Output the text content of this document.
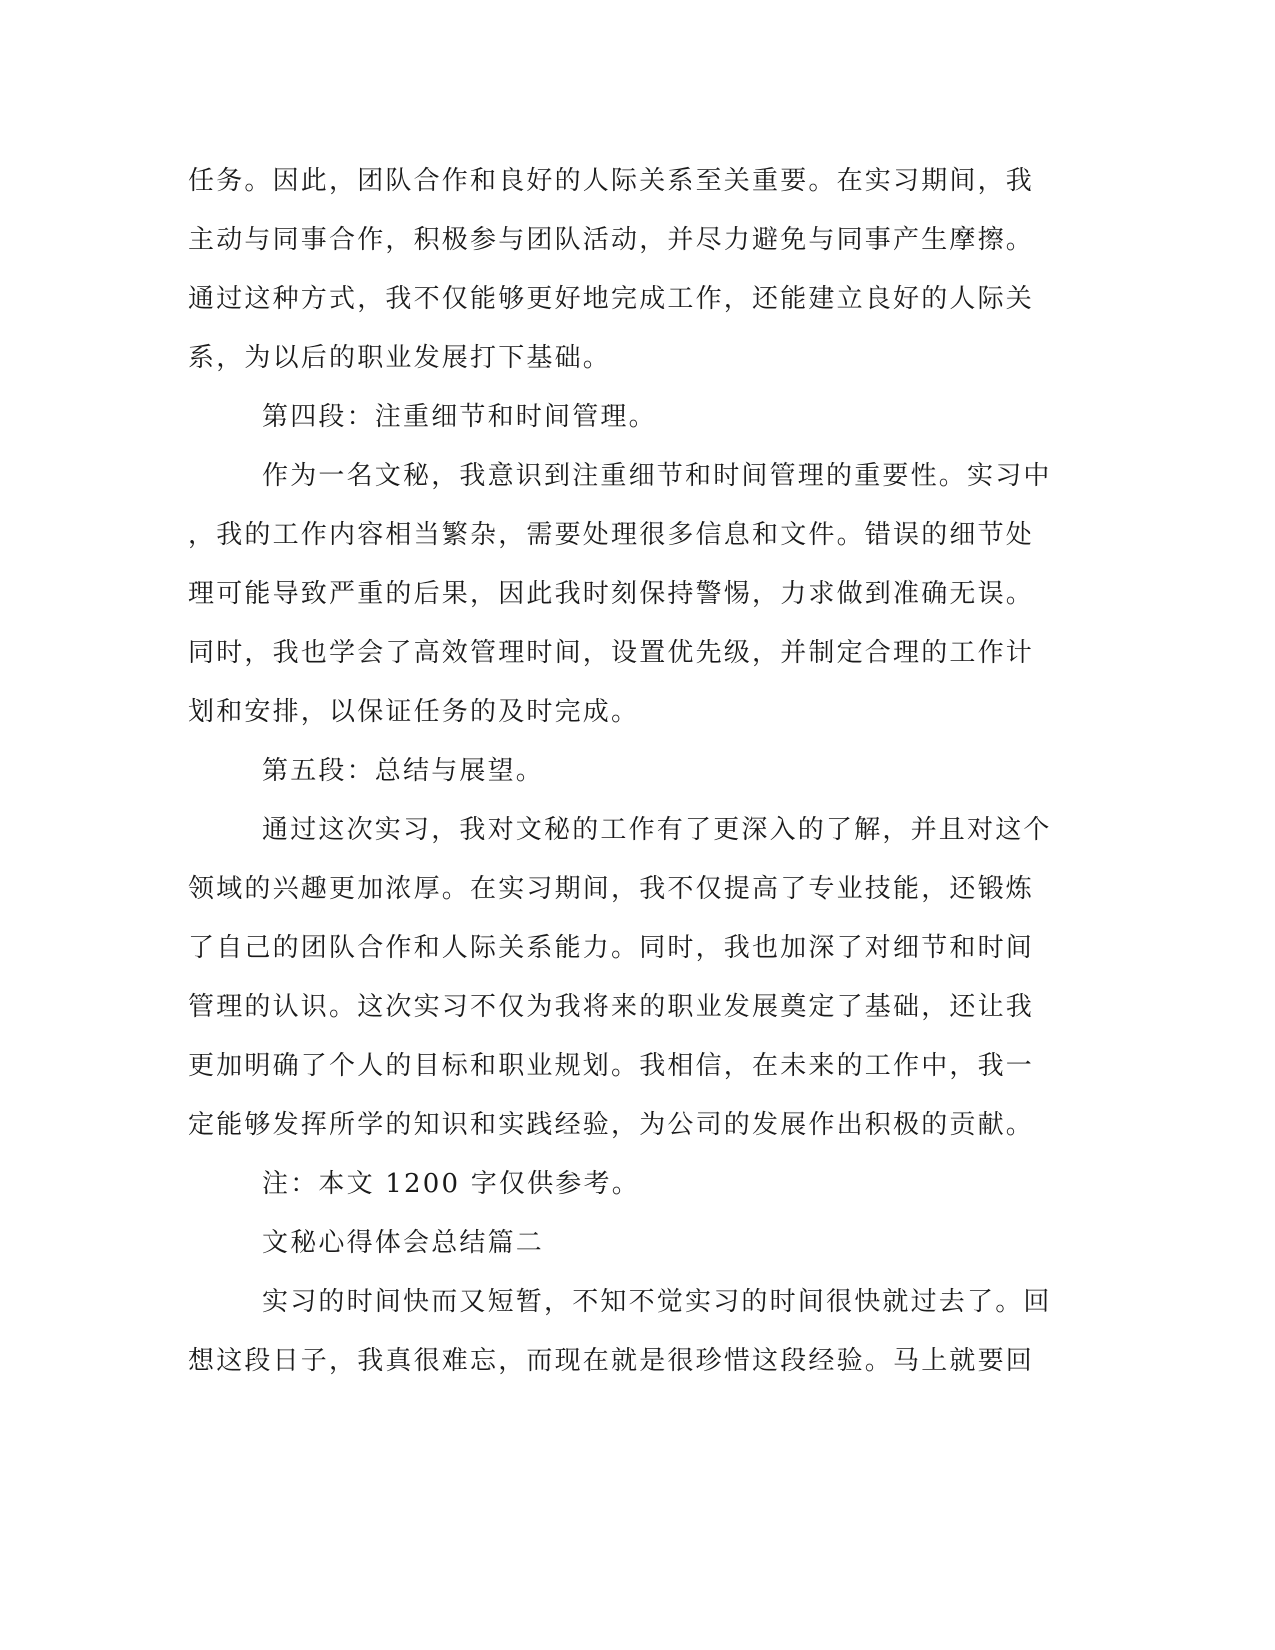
任务。因此，团队合作和良好的人际关系至关重要。在实习期间，我

主动与同事合作，积极参与团队活动，并尽力避免与同事产生摩擦。

通过这种方式，我不仅能够更好地完成工作，还能建立良好的人际关

系，为以后的职业发展打下基础。

第四段：注重细节和时间管理。

作为一名文秘，我意识到注重细节和时间管理的重要性。实习中

，我的工作内容相当繁杂，需要处理很多信息和文件。错误的细节处

理可能导致严重的后果，因此我时刻保持警惕，力求做到准确无误。

同时，我也学会了高效管理时间，设置优先级，并制定合理的工作计

划和安排，以保证任务的及时完成。

第五段：总结与展望。

通过这次实习，我对文秘的工作有了更深入的了解，并且对这个

领域的兴趣更加浓厚。在实习期间，我不仅提高了专业技能，还锻炼

了自己的团队合作和人际关系能力。同时，我也加深了对细节和时间

管理的认识。这次实习不仅为我将来的职业发展奠定了基础，还让我

更加明确了个人的目标和职业规划。我相信，在未来的工作中，我一

定能够发挥所学的知识和实践经验，为公司的发展作出积极的贡献。

注：本文 1200 字仅供参考。

文秘心得体会总结篇二

实习的时间快而又短暂，不知不觉实习的时间很快就过去了。回

想这段日子，我真很难忘，而现在就是很珍惜这段经验。马上就要回
